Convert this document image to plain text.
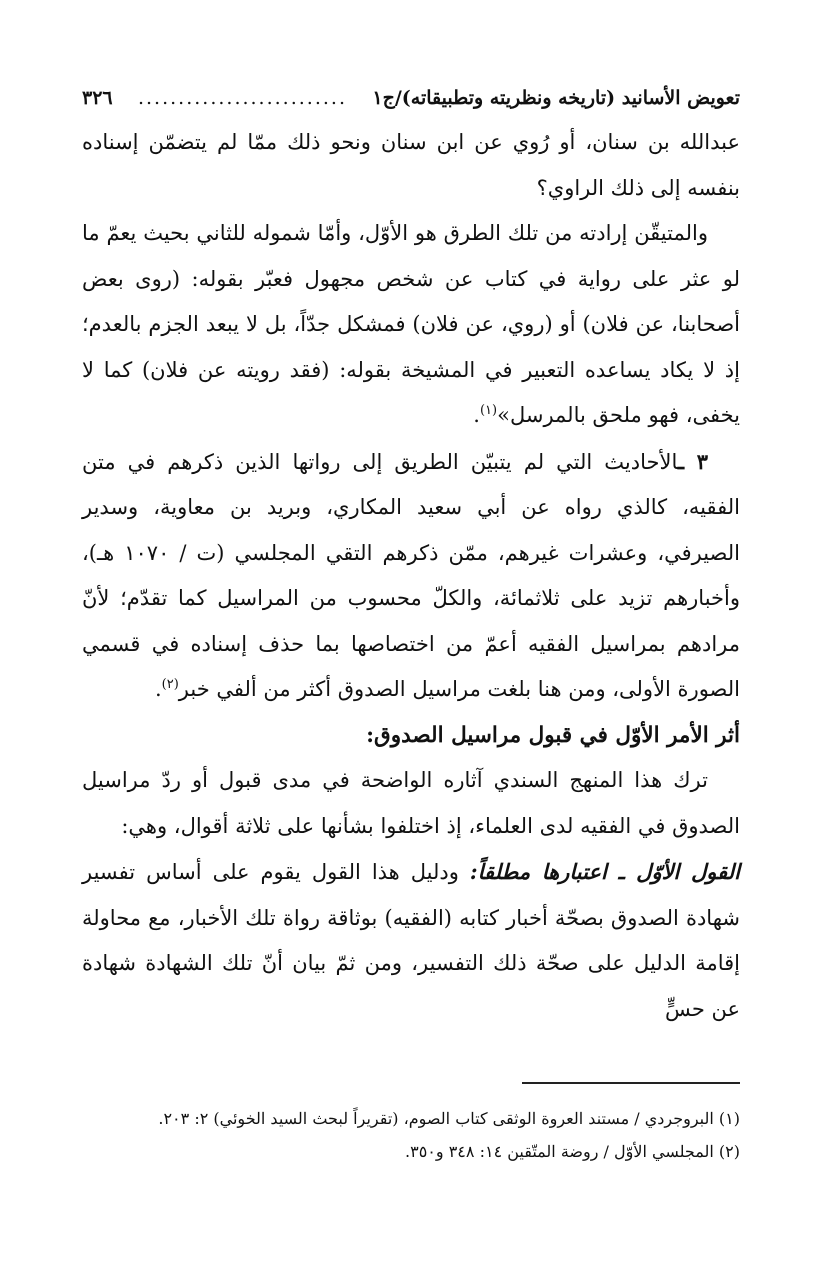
تعويض الأسانيد (تاريخه ونظريته وتطبيقاته)/ج١
..........................
٣٢٦

عبدالله بن سنان، أو رُوي عن ابن سنان ونحو ذلك ممّا لم يتضمّن إسناده بنفسه إلى ذلك الراوي؟

والمتيقّن إرادته من تلك الطرق هو الأوّل، وأمّا شموله للثاني بحيث يعمّ ما لو عثر على رواية في كتاب عن شخص مجهول فعبّر بقوله: (روى بعض أصحابنا، عن فلان) أو (روي، عن فلان) فمشكل جدّاً، بل لا يبعد الجزم بالعدم؛ إذ لا يكاد يساعده التعبير في المشيخة بقوله: (فقد رويته عن فلان) كما لا يخفى، فهو ملحق بالمرسل»$^{(١)}$.

٣ ـالأحاديث التي لم يتبيّن الطريق إلى رواتها الذين ذكرهم في متن الفقيه، كالذي رواه عن أبي سعيد المكاري، وبريد بن معاوية، وسدير الصيرفي، وعشرات غيرهم، ممّن ذكرهم التقي المجلسي (ت / ١٠٧٠ هـ)، وأخبارهم تزيد على ثلاثمائة، والكلّ محسوب من المراسيل كما تقدّم؛ لأنّ مرادهم بمراسيل الفقيه أعمّ من اختصاصها بما حذف إسناده في قسمي الصورة الأولى، ومن هنا بلغت مراسيل الصدوق أكثر من ألفي خبر$^{(٢)}$.

أثر الأمر الأوّل في قبول مراسيل الصدوق:

ترك هذا المنهج السندي آثاره الواضحة في مدى قبول أو ردّ مراسيل الصدوق في الفقيه لدى العلماء، إذ اختلفوا بشأنها على ثلاثة أقوال، وهي:

القول الأوّل ـ اعتبارها مطلقاً: ودليل هذا القول يقوم على أساس تفسير شهادة الصدوق بصحّة أخبار كتابه (الفقيه) بوثاقة رواة تلك الأخبار، مع محاولة إقامة الدليل على صحّة ذلك التفسير، ومن ثمّ بيان أنّ تلك الشهادة شهادة عن حسٍّ

(١) البروجردي / مستند العروة الوثقى كتاب الصوم، (تقريراً لبحث السيد الخوئي) ٢: ٢٠٣.

(٢) المجلسي الأوّل / روضة المتّقين ١٤: ٣٤٨ و٣٥٠.
